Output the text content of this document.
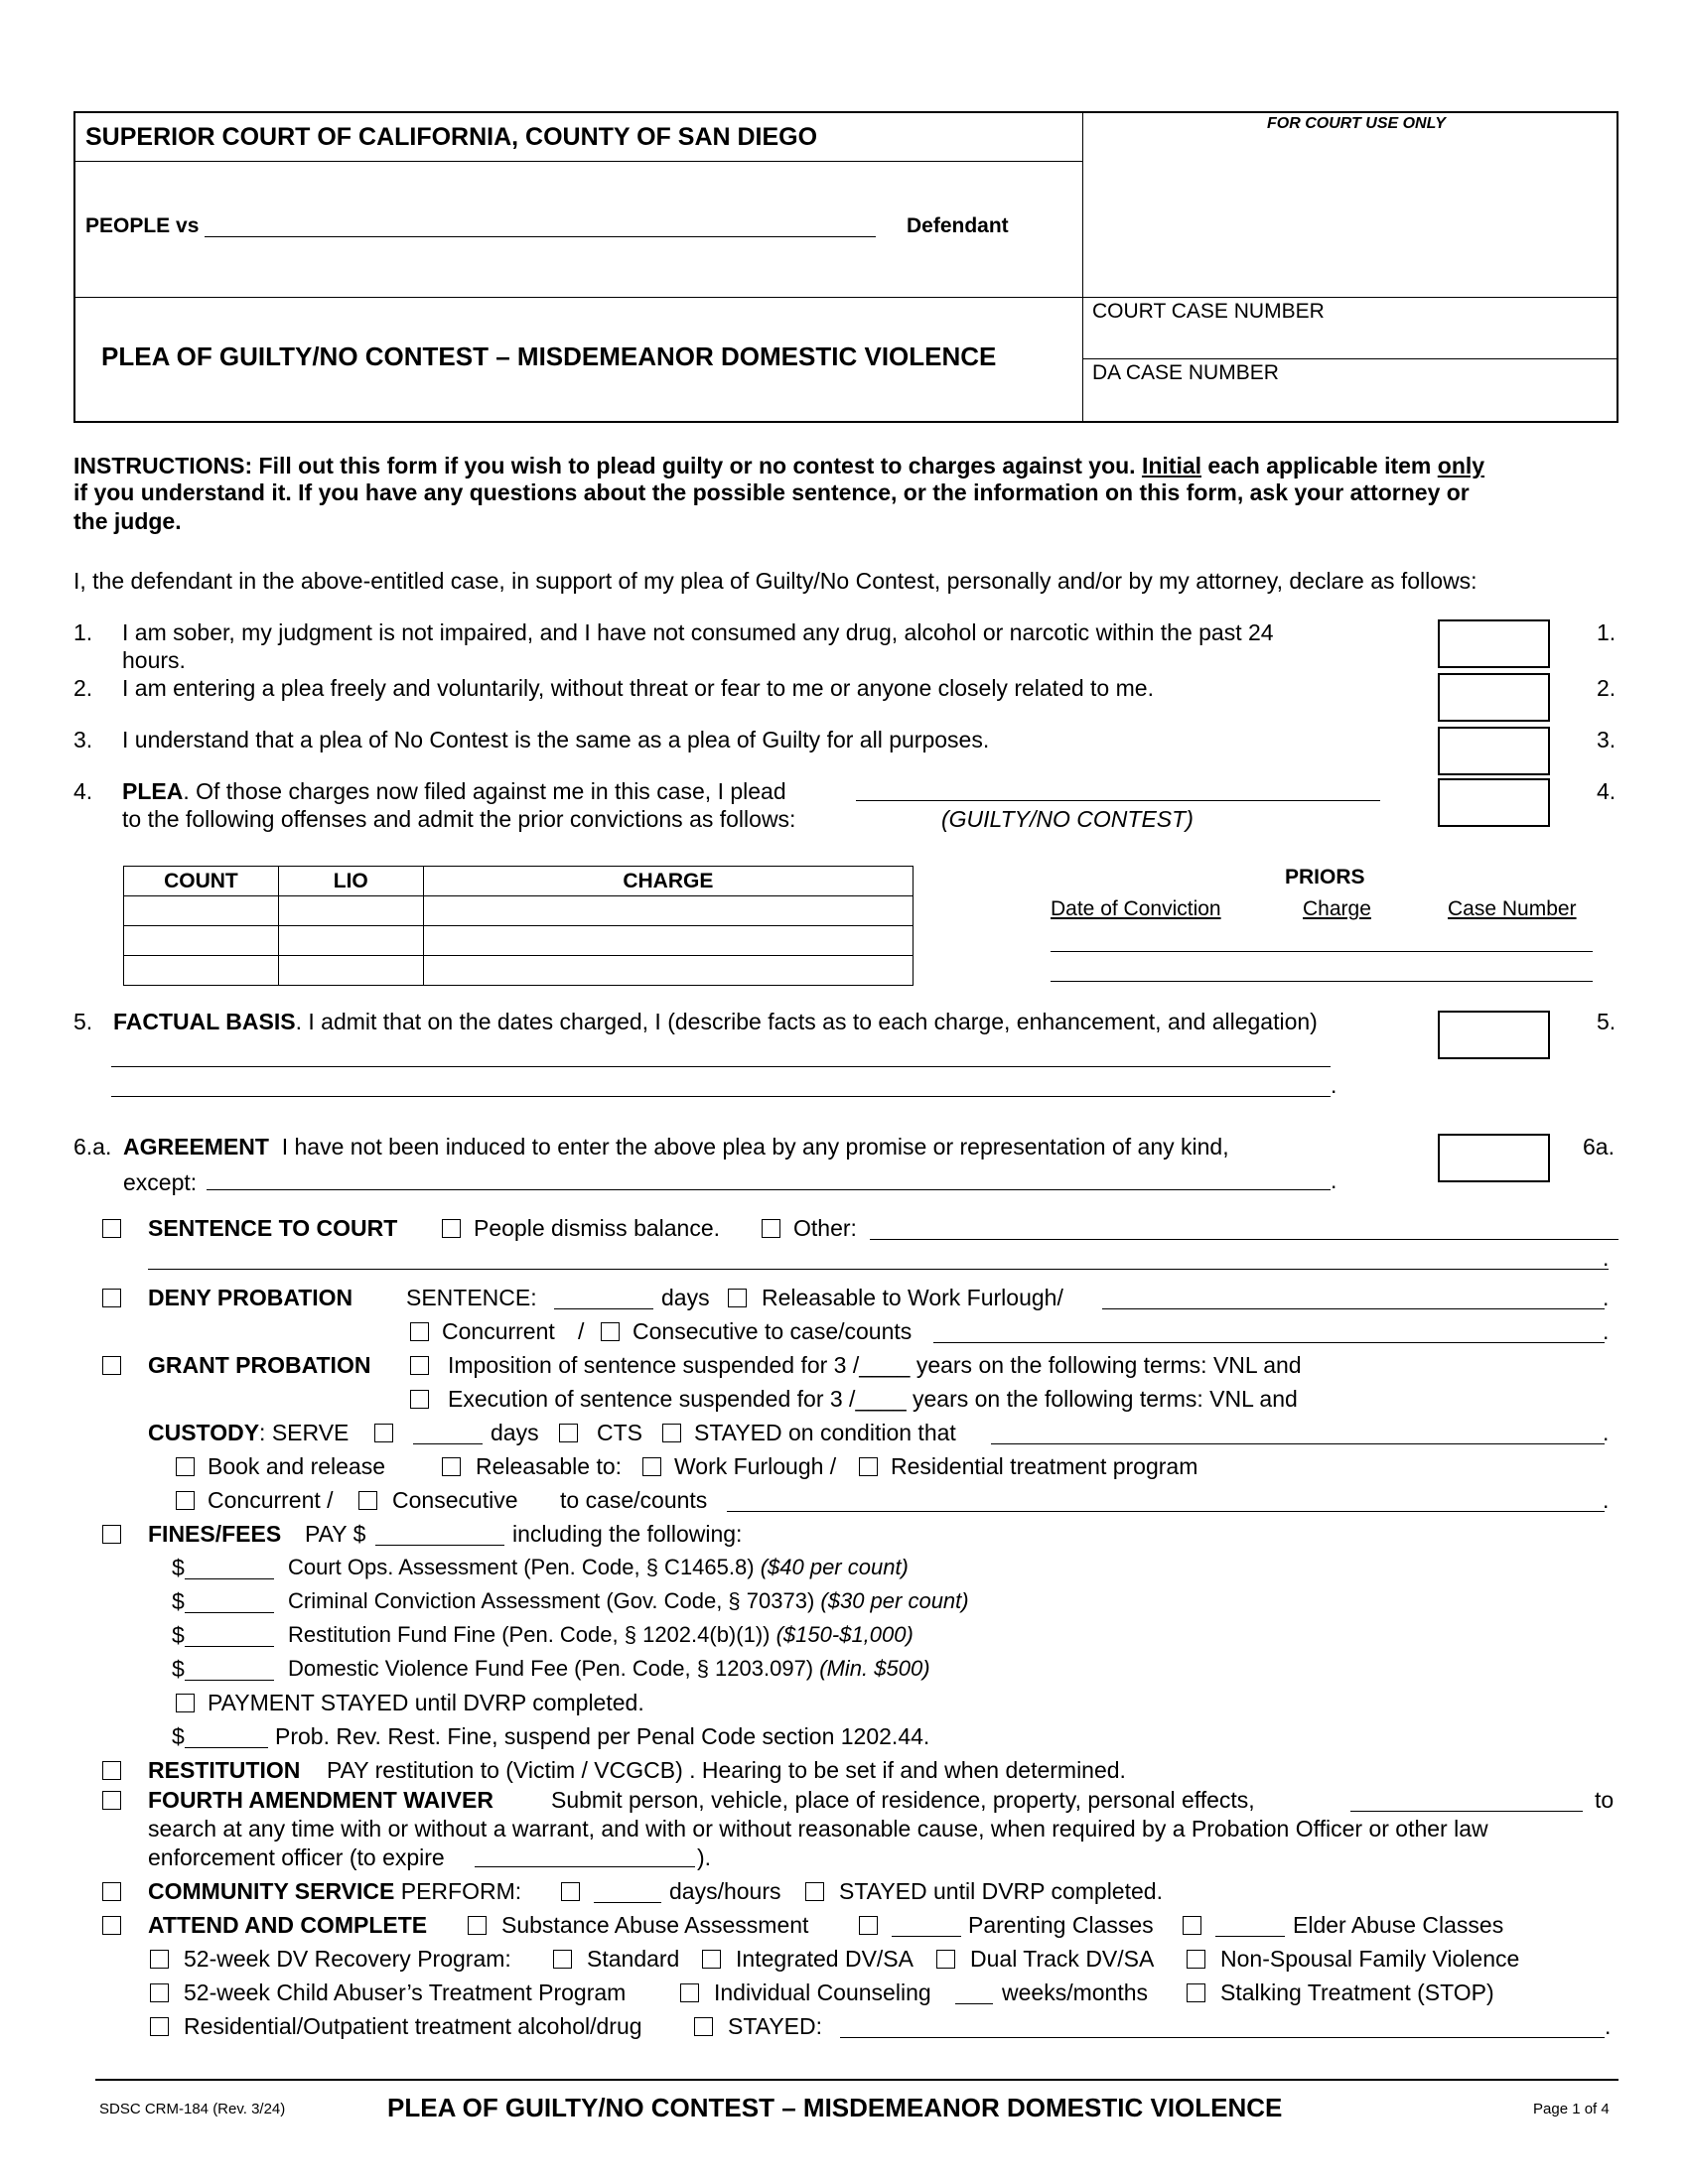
SUPERIOR COURT OF CALIFORNIA, COUNTY OF SAN DIEGO
PEOPLE vs	Defendant
FOR COURT USE ONLY
PLEA OF GUILTY/NO CONTEST – MISDEMEANOR DOMESTIC VIOLENCE
COURT CASE NUMBER
DA CASE NUMBER
INSTRUCTIONS: Fill out this form if you wish to plead guilty or no contest to charges against you. Initial each applicable item only
if you understand it. If you have any questions about the possible sentence, or the information on this form, ask your attorney or
the judge.
I, the defendant in the above-entitled case, in support of my plea of Guilty/No Contest, personally and/or by my attorney, declare as follows:
1. I am sober, my judgment is not impaired, and I have not consumed any drug, alcohol or narcotic within the past 24
hours.
1.
2. I am entering a plea freely and voluntarily, without threat or fear to me or anyone closely related to me.	2.
3. I understand that a plea of No Contest is the same as a plea of Guilty for all purposes.	3.
4. PLEA. Of those charges now filed against me in this case, I plead
to the following offenses and admit the prior convictions as follows:	(GUILTY/NO CONTEST)
4.
COUNT	LIO	CHARGE

			PRIORS
Date of Conviction	Charge	Case Number
5. FACTUAL BASIS. I admit that on the dates charged, I (describe facts as to each charge, enhancement, and allegation)	5.
.
6.a. AGREEMENT I have not been induced to enter the above plea by any promise or representation of any kind,
except:	.
6a.
SENTENCE TO COURT	People dismiss balance.	Other:
.
DENY PROBATION SENTENCE:	days Releasable to Work Furlough/	.
Concurrent / Consecutive to case/counts	.
GRANT PROBATION	Imposition of sentence suspended for 3 /____ years on the following terms: VNL and
Execution of sentence suspended for 3 /____ years on the following terms: VNL and
CUSTODY: SERVE	days	CTS STAYED on condition that	.
Book and release	Releasable to: Work Furlough / Residential treatment program
Concurrent /	Consecutive to case/counts	.
FINES/FEES PAY $	including the following:
$	Court Ops. Assessment (Pen. Code, § C1465.8) ($40 per count)
$	Criminal Conviction Assessment (Gov. Code, § 70373) ($30 per count)
$	Restitution Fund Fine (Pen. Code, § 1202.4(b)(1)) ($150-$1,000)
$	Domestic Violence Fund Fee (Pen. Code, § 1203.097) (Min. $500)
PAYMENT STAYED until DVRP completed.
$	Prob. Rev. Rest. Fine, suspend per Penal Code section 1202.44.
RESTITUTION PAY restitution to (Victim / VCGCB) . Hearing to be set if and when determined.
FOURTH AMENDMENT WAIVER	Submit person, vehicle, place of residence, property, personal effects,	to
search at any time with or without a warrant, and with or without reasonable cause, when required by a Probation Officer or other law
enforcement officer (to expire	).
COMMUNITY SERVICE PERFORM:	days/hours	STAYED until DVRP completed.
ATTEND AND COMPLETE	Substance Abuse Assessment	Parenting Classes	Elder Abuse Classes
52-week DV Recovery Program:	Standard Integrated DV/SA Dual Track DV/SA	Non-Spousal Family Violence
52-week Child Abuser’s Treatment Program	Individual Counseling	weeks/months	Stalking Treatment (STOP)
Residential/Outpatient treatment alcohol/drug	STAYED:	.
SDSC CRM-184 (Rev. 3/24)	PLEA OF GUILTY/NO CONTEST – MISDEMEANOR DOMESTIC VIOLENCE	Page 1 of 4
